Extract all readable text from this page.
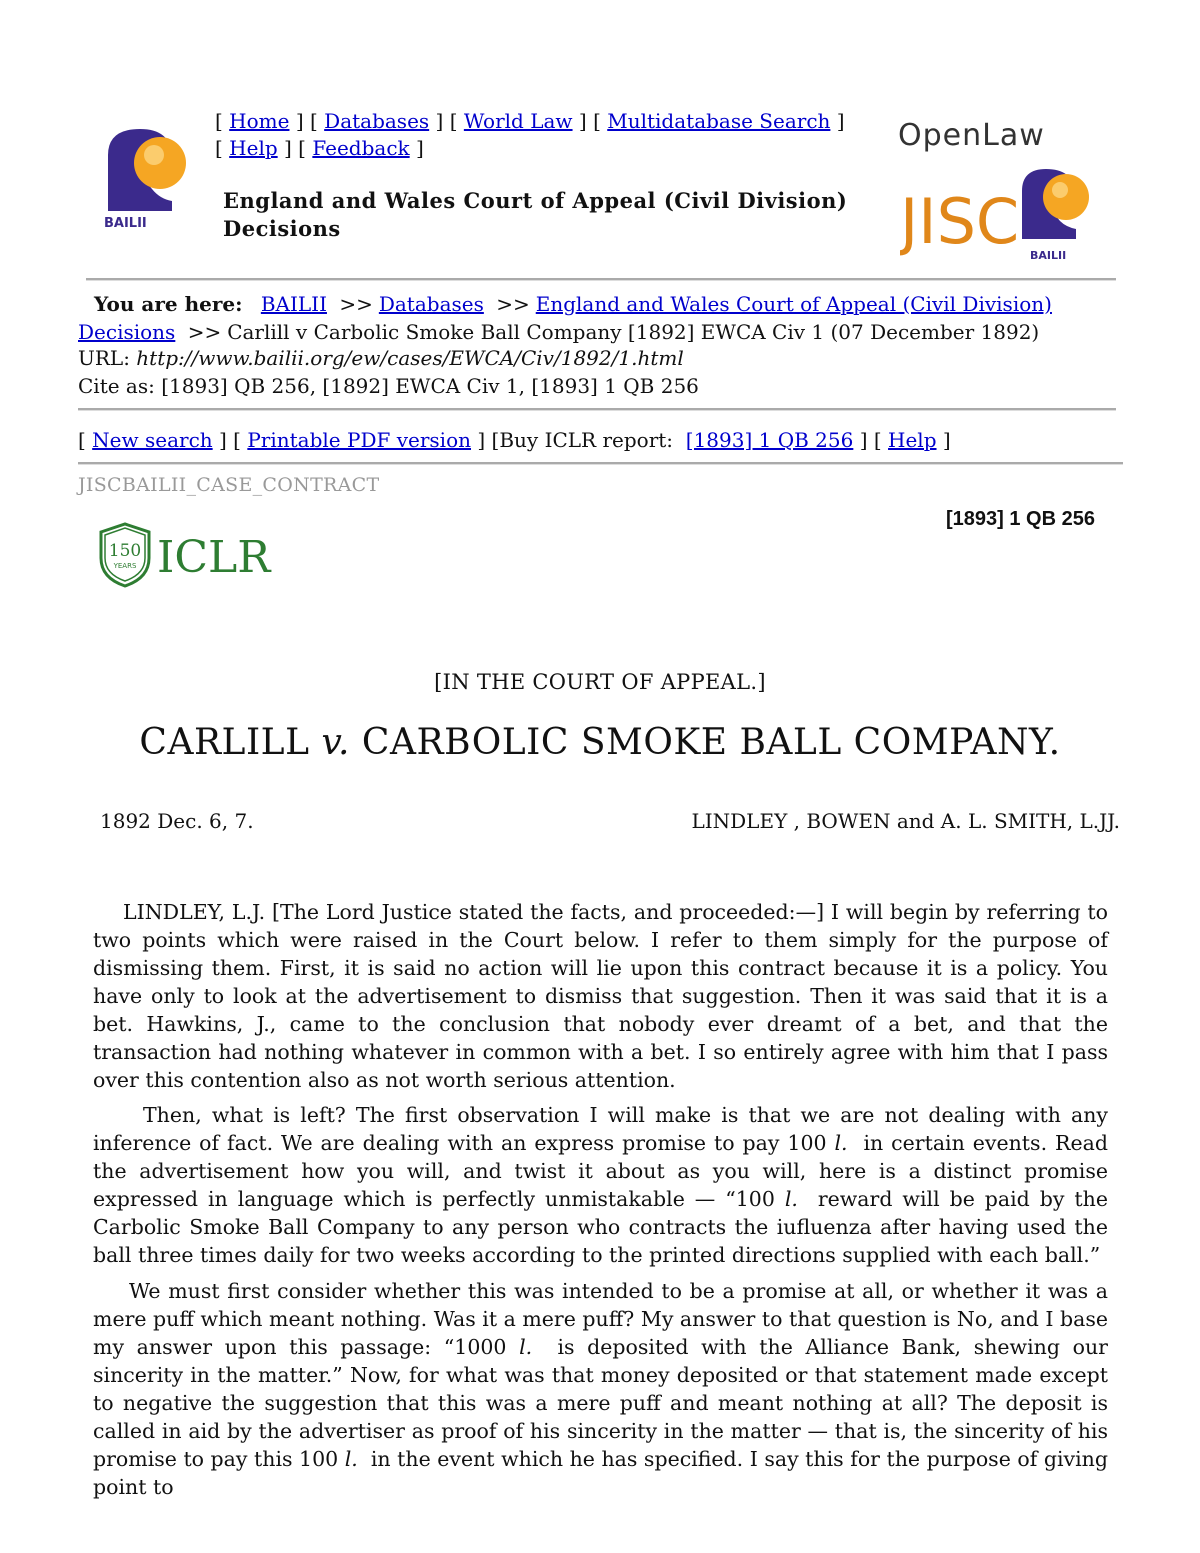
BAILII
[ Home ] [ Databases ] [ World Law ] [ Multidatabase Search ]
[ Help ] [ Feedback ]
England and Wales Court of Appeal (Civil Division)
Decisions
OpenLaw
JISC BAILII
You are here: BAILII >> Databases >> England and Wales Court of Appeal (Civil Division)
Decisions >> Carlill v Carbolic Smoke Ball Company [1892] EWCA Civ 1 (07 December 1892)
URL: http://www.bailii.org/ew/cases/EWCA/Civ/1892/1.html
Cite as: [1893] QB 256, [1892] EWCA Civ 1, [1893] 1 QB 256
[ New search ] [ Printable PDF version ] [Buy ICLR report: [1893] 1 QB 256 ] [ Help ]
JISCBAILII_CASE_CONTRACT
[1893] 1 QB 256
150
YEARS ICLR
[IN THE COURT OF APPEAL.]
CARLILL v. CARBOLIC SMOKE BALL COMPANY.
1892 Dec. 6, 7.	LINDLEY , BOWEN and A. L. SMITH, L.JJ.

LINDLEY, L.J. [The Lord Justice stated the facts, and proceeded:—] I will begin by referring to two points which were raised in the Court below. I refer to them simply for the purpose of dismissing them. First, it is said no action will lie upon this contract because it is a policy. You have only to look at the advertisement to dismiss that suggestion. Then it was said that it is a bet. Hawkins, J., came to the conclusion that nobody ever dreamt of a bet, and that the transaction had nothing whatever in common with a bet. I so entirely agree with him that I pass over this contention also as not worth serious attention.

Then, what is left? The first observation I will make is that we are not dealing with any inference of fact. We are dealing with an express promise to pay 100 l. in certain events. Read the advertisement how you will, and twist it about as you will, here is a distinct promise expressed in language which is perfectly unmistakable — “100 l. reward will be paid by the Carbolic Smoke Ball Company to any person who contracts the iufluenza after having used the ball three times daily for two weeks according to the printed directions supplied with each ball.”

We must first consider whether this was intended to be a promise at all, or whether it was a mere puff which meant nothing. Was it a mere puff? My answer to that question is No, and I base my answer upon this passage: “1000 l. is deposited with the Alliance Bank, shewing our sincerity in the matter.” Now, for what was that money deposited or that statement made except to negative the suggestion that this was a mere puff and meant nothing at all? The deposit is called in aid by the advertiser as proof of his sincerity in the matter — that is, the sincerity of his promise to pay this 100 l. in the event which he has specified. I say this for the purpose of giving point to
